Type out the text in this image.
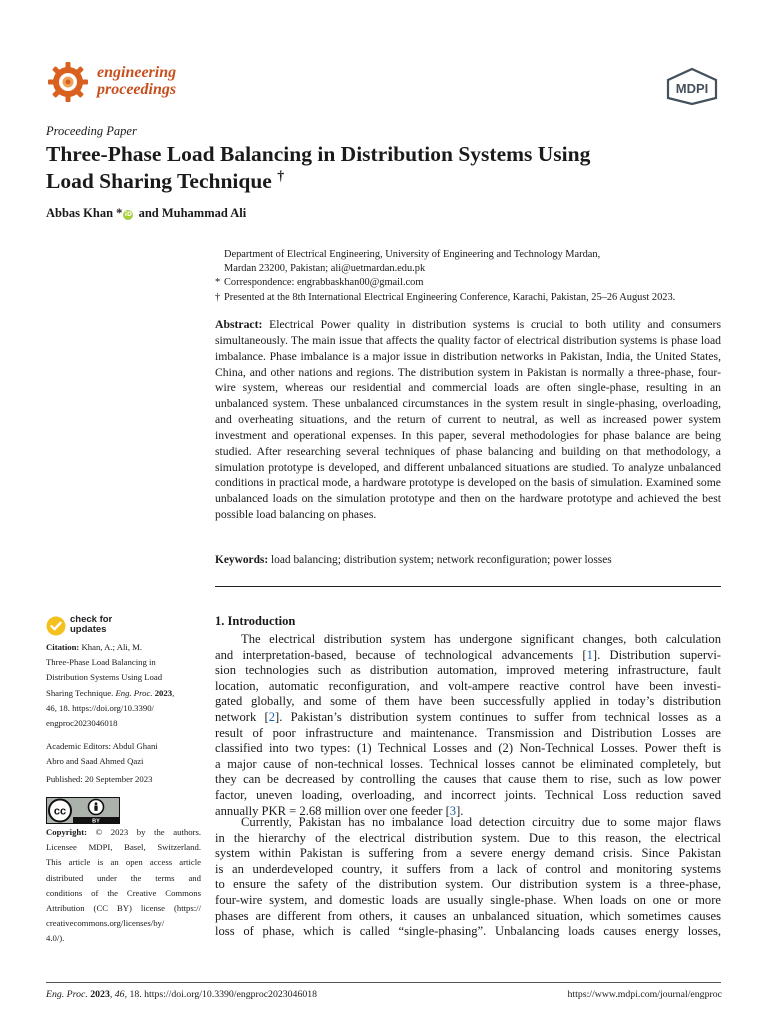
engineering
proceedings	MDPI
Proceeding Paper
Three-Phase Load Balancing in Distribution Systems Using
Load Sharing Technique †
Abbas Khan * iD and Muhammad Ali
Department of Electrical Engineering, University of Engineering and Technology Mardan,
Mardan 23200, Pakistan; ali@uetmardan.edu.pk
* Correspondence: engrabbaskhan00@gmail.com
† Presented at the 8th International Electrical Engineering Conference, Karachi, Pakistan, 25–26 August 2023.
Abstract: Electrical Power quality in distribution systems is crucial to both utility and consumers simultaneously. The main issue that affects the quality factor of electrical distribution systems is phase load imbalance. Phase imbalance is a major issue in distribution networks in Pakistan, India, the United States, China, and other nations and regions. The distribution system in Pakistan is normally a three-phase, four-wire system, whereas our residential and commercial loads are often single-phase, resulting in an unbalanced system. These unbalanced circumstances in the system result in single-phasing, overloading, and overheating situations, and the return of current to neutral, as well as increased power system investment and operational expenses. In this paper, several methodologies for phase balance are being studied. After researching several techniques of phase balancing and building on that methodology, a simulation prototype is developed, and different unbalanced situations are studied. To analyze unbalanced conditions in practical mode, a hardware prototype is developed on the basis of simulation. Examined some unbalanced loads on the simulation prototype and then on the hardware prototype and achieved the best possible load balancing on phases.
Keywords: load balancing; distribution system; network reconfiguration; power losses
check for
updates
Citation: Khan, A.; Ali, M.
Three-Phase Load Balancing in
Distribution Systems Using Load
Sharing Technique. Eng. Proc. 2023,
46, 18. https://doi.org/10.3390/
engproc2023046018
Academic Editors: Abdul Ghani
Abro and Saad Ahmed Qazi
Published: 20 September 2023
cc
BY
Copyright: © 2023 by the authors.
Licensee MDPI, Basel, Switzerland.
This article is an open access article
distributed under the terms and
conditions of the Creative Commons
Attribution (CC BY) license (https://
creativecommons.org/licenses/by/
4.0/).
1. Introduction
The electrical distribution system has undergone significant changes, both calculation
and interpretation-based, because of technological advancements [1]. Distribution supervi-
sion technologies such as distribution automation, improved metering infrastructure, fault
location, automatic reconfiguration, and volt-ampere reactive control have been investi-
gated globally, and some of them have been successfully applied in today’s distribution
network [2]. Pakistan’s distribution system continues to suffer from technical losses as a
result of poor infrastructure and maintenance. Transmission and Distribution Losses are
classified into two types: (1) Technical Losses and (2) Non-Technical Losses. Power theft is
a major cause of non-technical losses. Technical losses cannot be eliminated completely, but
they can be decreased by controlling the causes that cause them to rise, such as low power
factor, uneven loading, overloading, and incorrect joints. Technical Loss reduction saved
annually PKR = 2.68 million over one feeder [3].
Currently, Pakistan has no imbalance load detection circuitry due to some major flaws
in the hierarchy of the electrical distribution system. Due to this reason, the electrical
system within Pakistan is suffering from a severe energy demand crisis. Since Pakistan
is an underdeveloped country, it suffers from a lack of control and monitoring systems
to ensure the safety of the distribution system. Our distribution system is a three-phase,
four-wire system, and domestic loads are usually single-phase. When loads on one or more
phases are different from others, it causes an unbalanced situation, which sometimes causes
loss of phase, which is called “single-phasing”. Unbalancing loads causes energy losses,
Eng. Proc. 2023, 46, 18. https://doi.org/10.3390/engproc2023046018	https://www.mdpi.com/journal/engproc
